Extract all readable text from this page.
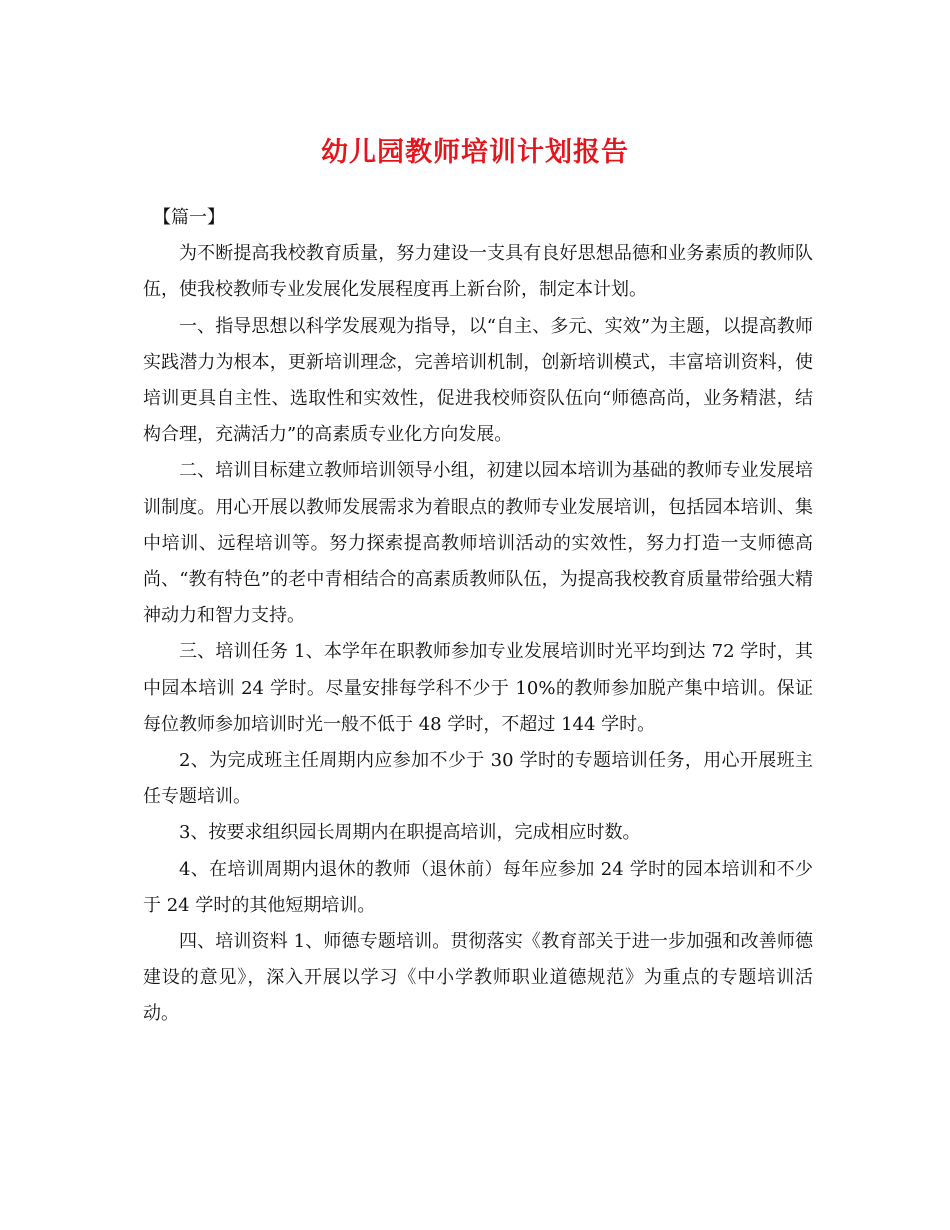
幼儿园教师培训计划报告

【篇一】

为不断提高我校教育质量，努力建设一支具有良好思想品德和业务素质的教师队伍，使我校教师专业发展化发展程度再上新台阶，制定本计划。

一、指导思想以科学发展观为指导，以“自主、多元、实效”为主题，以提高教师实践潜力为根本，更新培训理念，完善培训机制，创新培训模式，丰富培训资料，使培训更具自主性、选取性和实效性，促进我校师资队伍向“师德高尚，业务精湛，结构合理，充满活力”的高素质专业化方向发展。

二、培训目标建立教师培训领导小组，初建以园本培训为基础的教师专业发展培训制度。用心开展以教师发展需求为着眼点的教师专业发展培训，包括园本培训、集中培训、远程培训等。努力探索提高教师培训活动的实效性，努力打造一支师德高尚、“教有特色”的老中青相结合的高素质教师队伍，为提高我校教育质量带给强大精神动力和智力支持。

三、培训任务 1、本学年在职教师参加专业发展培训时光平均到达 72 学时，其中园本培训 24 学时。尽量安排每学科不少于 10%的教师参加脱产集中培训。保证每位教师参加培训时光一般不低于 48 学时，不超过 144 学时。

2、为完成班主任周期内应参加不少于 30 学时的专题培训任务，用心开展班主任专题培训。

3、按要求组织园长周期内在职提高培训，完成相应时数。

4、在培训周期内退休的教师（退休前）每年应参加 24 学时的园本培训和不少于 24 学时的其他短期培训。

四、培训资料 1、师德专题培训。贯彻落实《教育部关于进一步加强和改善师德建设的意见》，深入开展以学习《中小学教师职业道德规范》为重点的专题培训活动。
